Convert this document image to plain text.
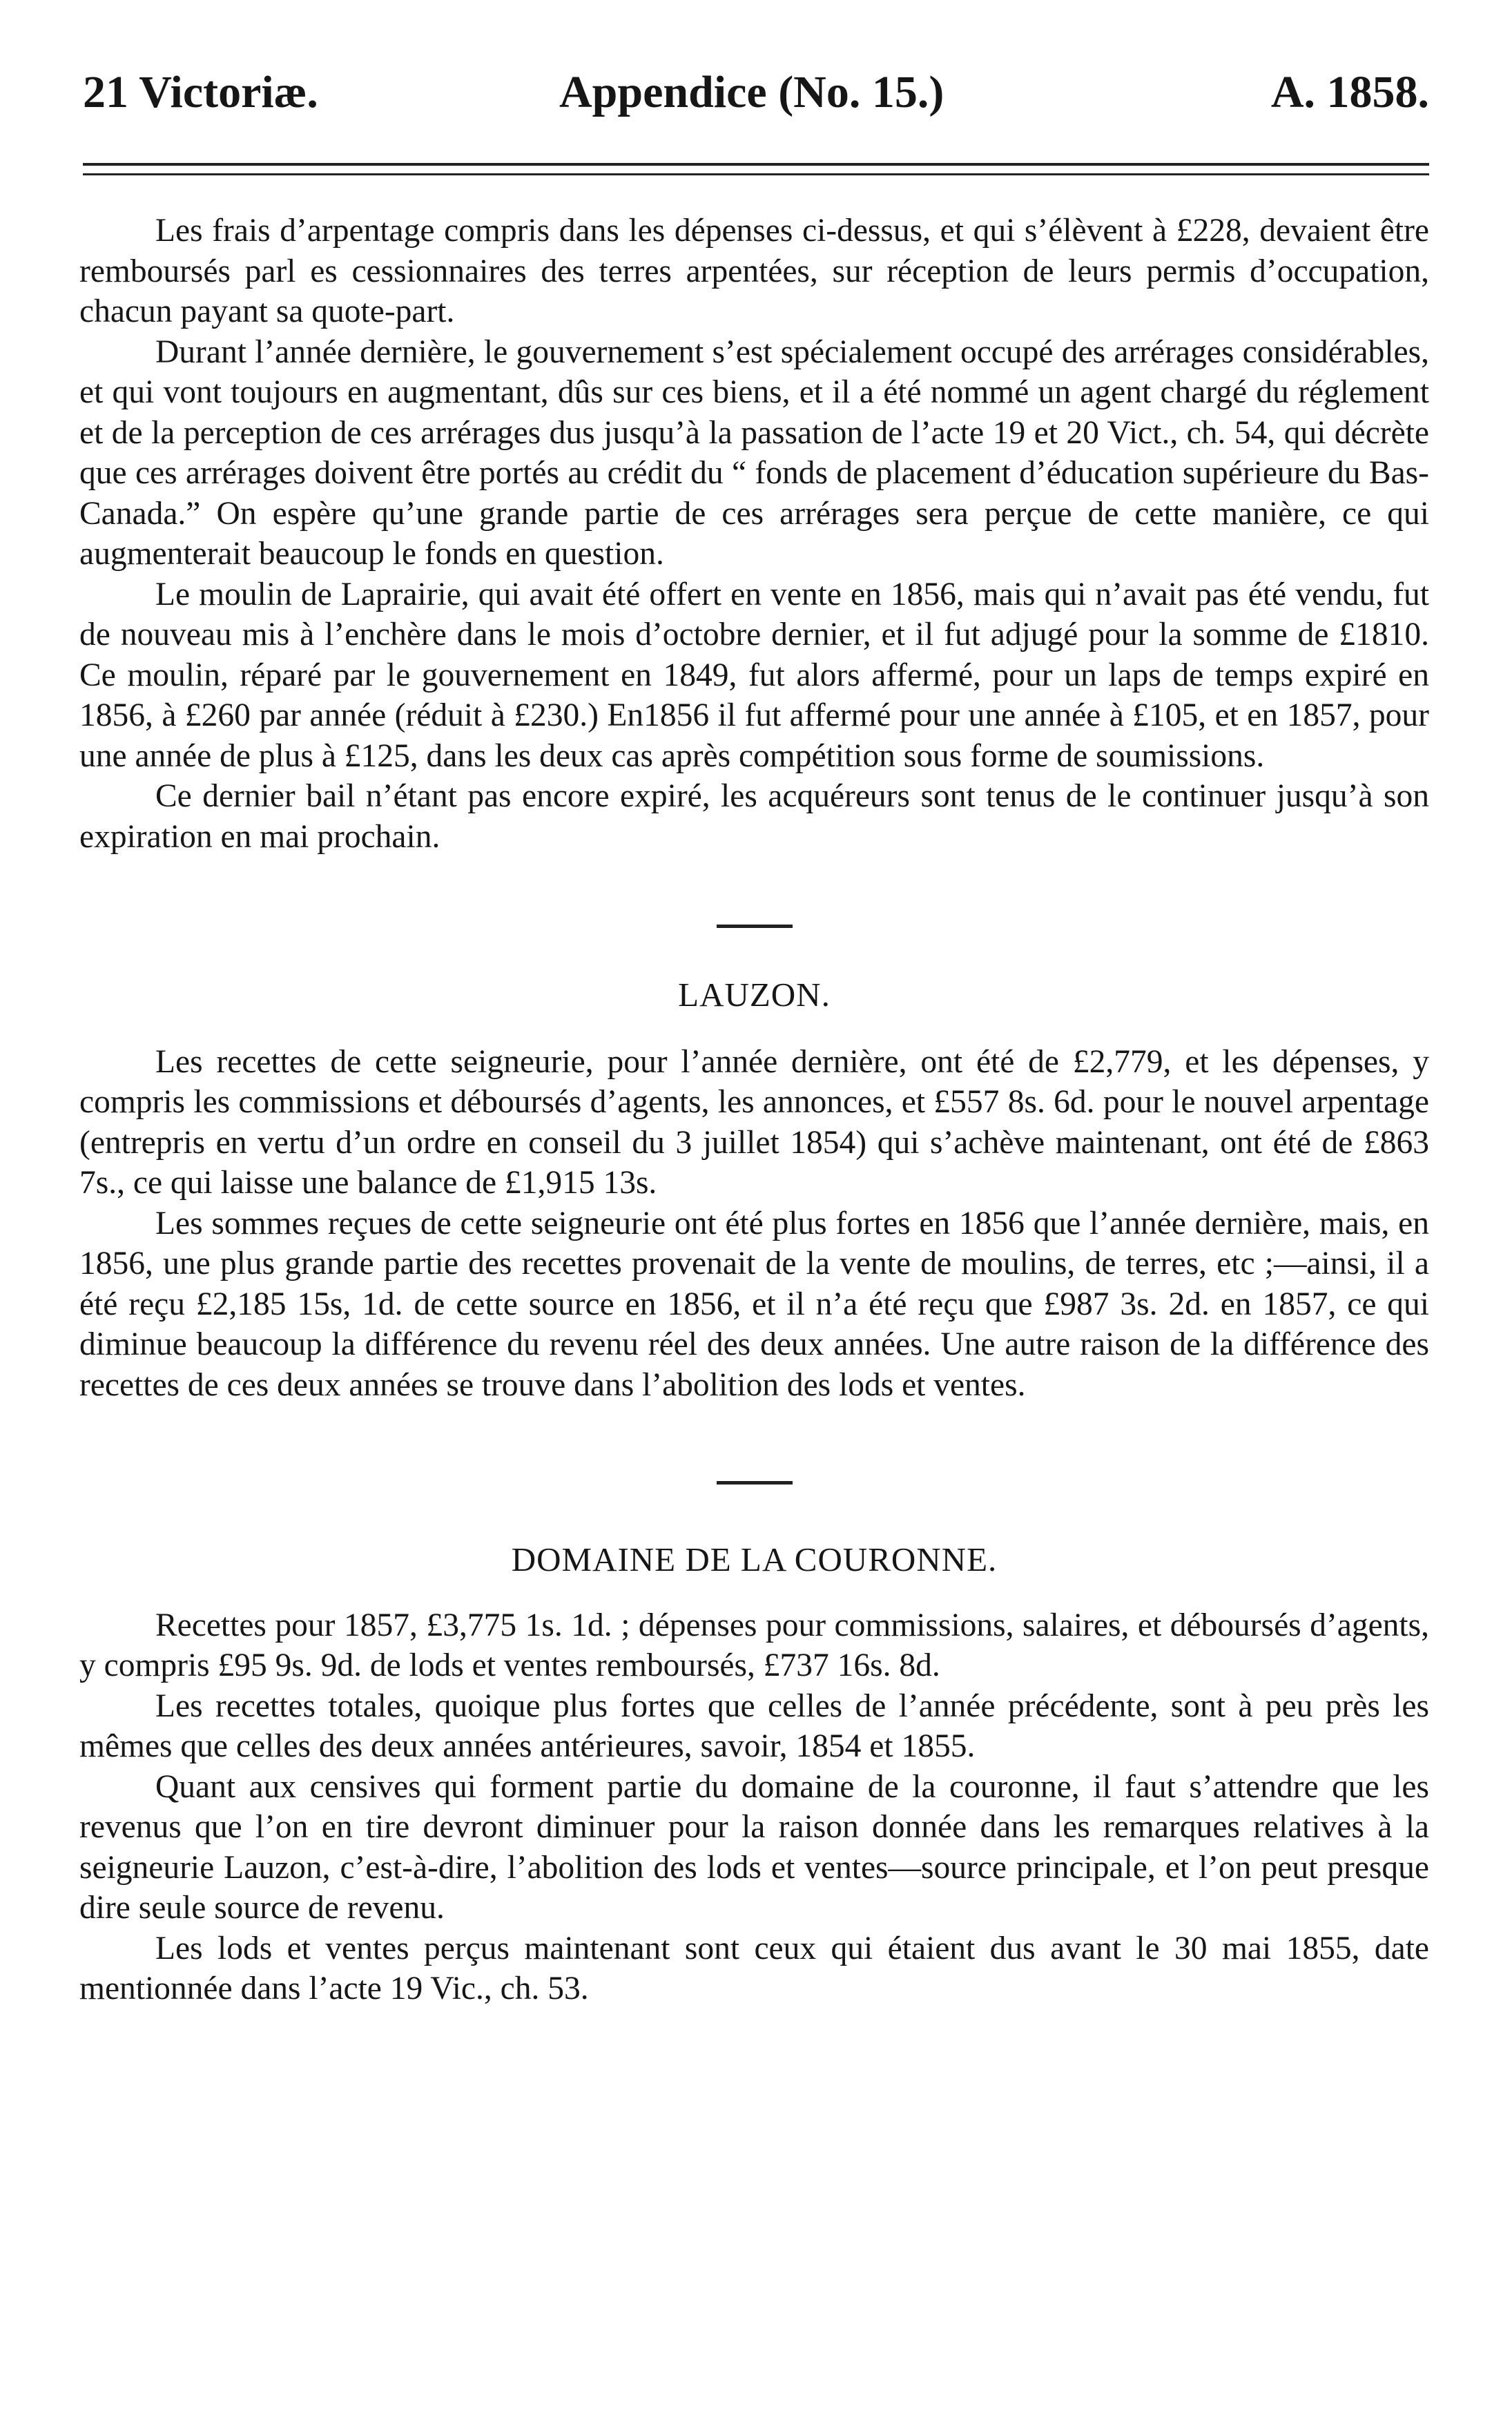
21 Victoriæ.	Appendice (No. 15.)	A. 1858.

Les frais d’arpentage compris dans les dépenses ci-dessus, et qui s’élèvent à £228, devaient être remboursés parl es cessionnaires des terres arpentées, sur réception de leurs permis d’occupation, chacun payant sa quote-part.

Durant l’année dernière, le gouvernement s’est spécialement occupé des arrérages considérables, et qui vont toujours en augmentant, dûs sur ces biens, et il a été nommé un agent chargé du réglement et de la perception de ces arrérages dus jusqu’à la passation de l’acte 19 et 20 Vict., ch. 54, qui décrète que ces arrérages doivent être portés au crédit du “ fonds de placement d’éducation supérieure du Bas-Canada.” On espère qu’une grande partie de ces arrérages sera perçue de cette manière, ce qui augmenterait beaucoup le fonds en question.

Le moulin de Laprairie, qui avait été offert en vente en 1856, mais qui n’avait pas été vendu, fut de nouveau mis à l’enchère dans le mois d’octobre dernier, et il fut adjugé pour la somme de £1810. Ce moulin, réparé par le gouvernement en 1849, fut alors affermé, pour un laps de temps expiré en 1856, à £260 par année (réduit à £230.) En1856 il fut affermé pour une année à £105, et en 1857, pour une année de plus à £125, dans les deux cas après compétition sous forme de soumissions.

Ce dernier bail n’étant pas encore expiré, les acquéreurs sont tenus de le continuer jusqu’à son expiration en mai prochain.

LAUZON.

Les recettes de cette seigneurie, pour l’année dernière, ont été de £2,779, et les dépenses, y compris les commissions et déboursés d’agents, les annonces, et £557 8s. 6d. pour le nouvel arpentage (entrepris en vertu d’un ordre en conseil du 3 juillet 1854) qui s’achève maintenant, ont été de £863 7s., ce qui laisse une balance de £1,915 13s.

Les sommes reçues de cette seigneurie ont été plus fortes en 1856 que l’année dernière, mais, en 1856, une plus grande partie des recettes provenait de la vente de moulins, de terres, etc ;—ainsi, il a été reçu £2,185 15s, 1d. de cette source en 1856, et il n’a été reçu que £987 3s. 2d. en 1857, ce qui diminue beaucoup la différence du revenu réel des deux années. Une autre raison de la différence des recettes de ces deux années se trouve dans l’abolition des lods et ventes.

DOMAINE DE LA COURONNE.

Recettes pour 1857, £3,775 1s. 1d. ; dépenses pour commissions, salaires, et déboursés d’agents, y compris £95 9s. 9d. de lods et ventes remboursés, £737 16s. 8d.

Les recettes totales, quoique plus fortes que celles de l’année précédente, sont à peu près les mêmes que celles des deux années antérieures, savoir, 1854 et 1855.

Quant aux censives qui forment partie du domaine de la couronne, il faut s’attendre que les revenus que l’on en tire devront diminuer pour la raison donnée dans les remarques relatives à la seigneurie Lauzon, c’est-à-dire, l’abolition des lods et ventes—source principale, et l’on peut presque dire seule source de revenu.

Les lods et ventes perçus maintenant sont ceux qui étaient dus avant le 30 mai 1855, date mentionnée dans l’acte 19 Vic., ch. 53.
